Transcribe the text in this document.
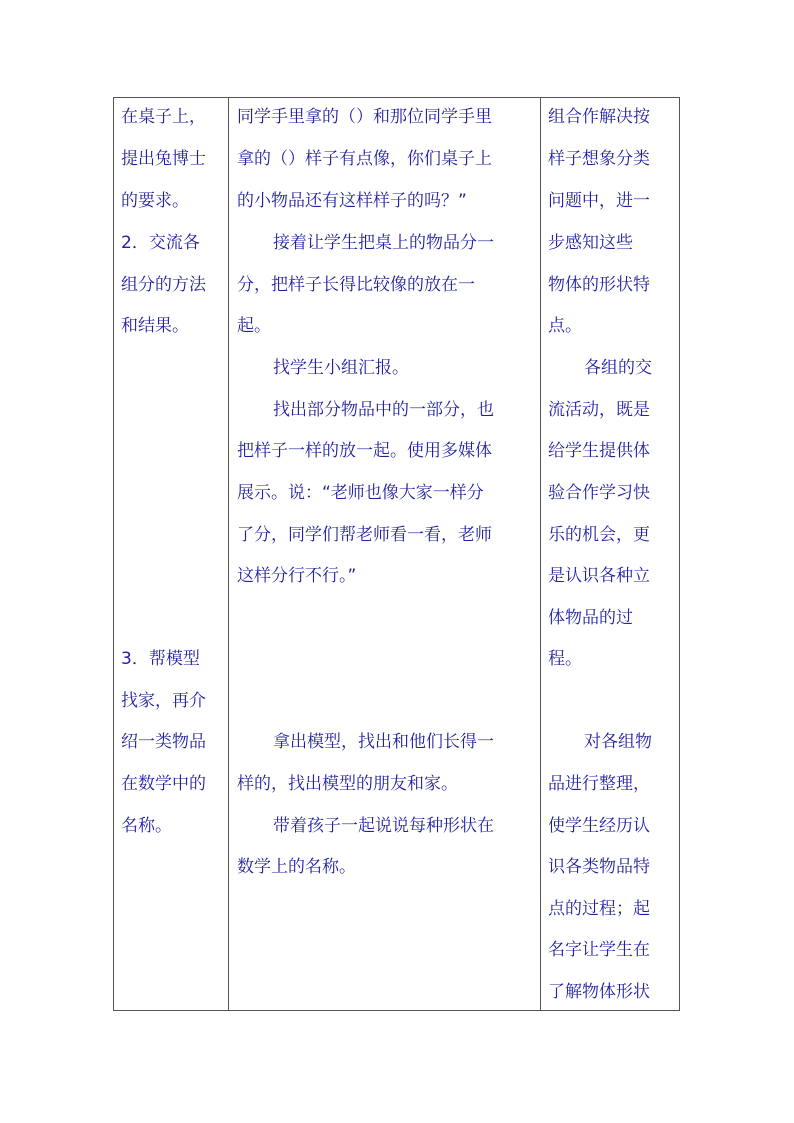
在桌子上，
提出兔博士
的要求。
2．交流各
组分的方法
和结果。
3．帮模型
找家，再介
绍一类物品
在数学中的
名称。
同学手里拿的（）和那位同学手里
拿的（）样子有点像，你们桌子上
的小物品还有这样样子的吗？”
接着让学生把桌上的物品分一
分，把样子长得比较像的放在一
起。
找学生小组汇报。
找出部分物品中的一部分，也
把样子一样的放一起。使用多媒体
展示。说：“老师也像大家一样分
了分，同学们帮老师看一看，老师
这样分行不行。”
拿出模型，找出和他们长得一
样的，找出模型的朋友和家。
带着孩子一起说说每种形状在
数学上的名称。
组合作解决按
样子想象分类
问题中，进一
步感知这些
物体的形状特
点。
各组的交
流活动，既是
给学生提供体
验合作学习快
乐的机会，更
是认识各种立
体物品的过
程。
对各组物
品进行整理，
使学生经历认
识各类物品特
点的过程；起
名字让学生在
了解物体形状
